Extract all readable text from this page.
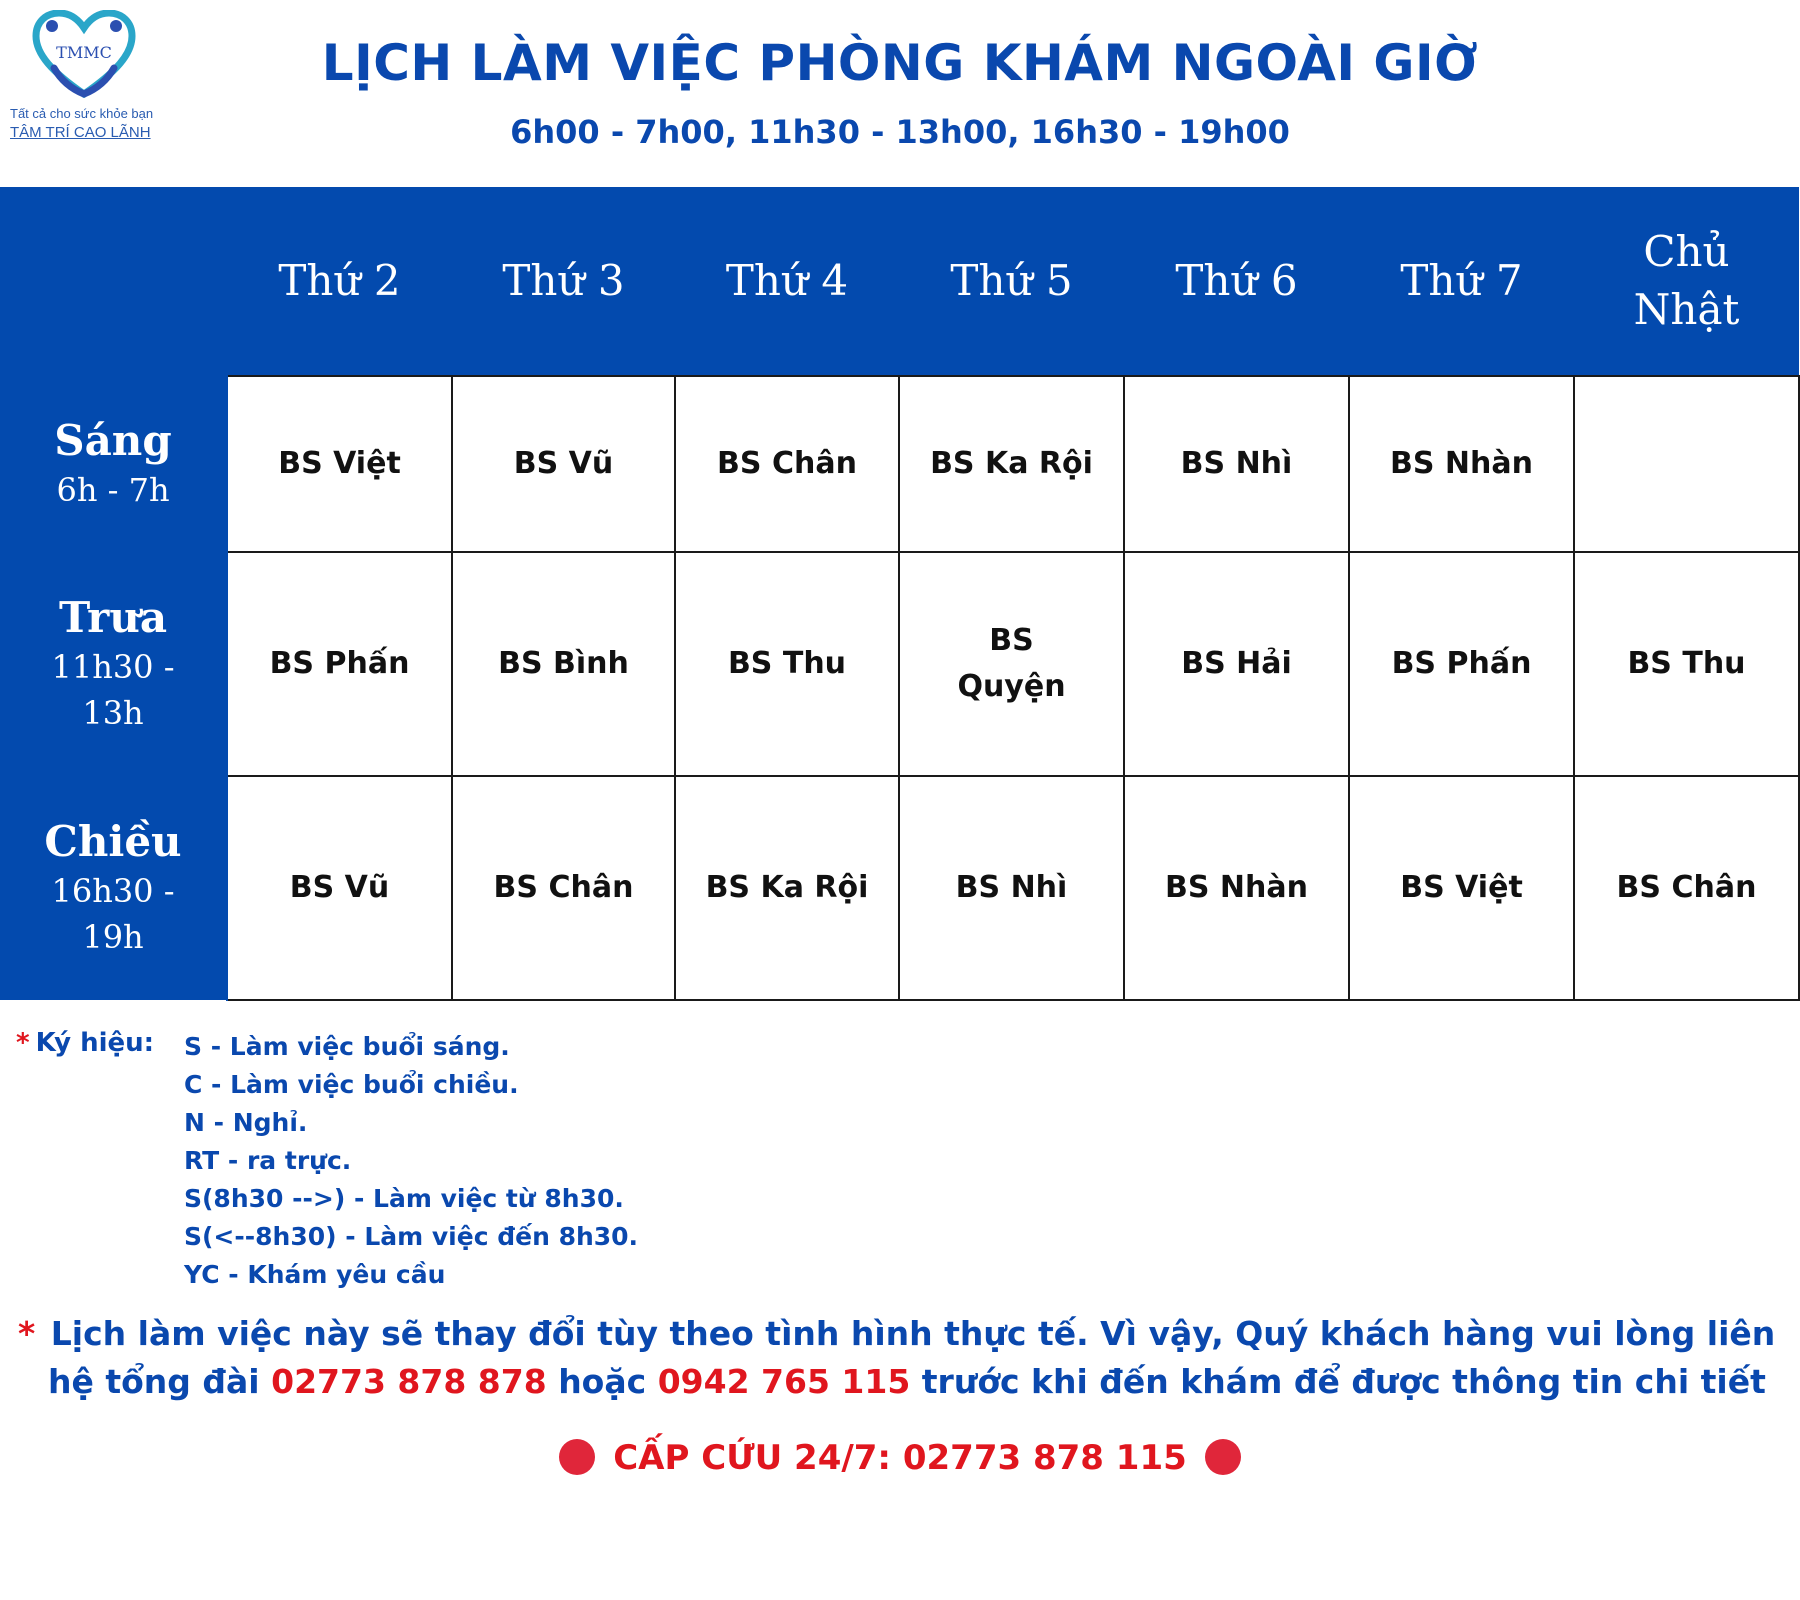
TMMC
Tất cả cho sức khỏe bạn
TÂM TRÍ CAO LÃNH
LỊCH LÀM VIỆC PHÒNG KHÁM NGOÀI GIỜ
6h00 - 7h00, 11h30 - 13h00, 16h30 - 19h00
	Thứ 2	Thứ 3	Thứ 4	Thứ 5	Thứ 6	Thứ 7	Chủ Nhật

Sáng
6h - 7h	BS Việt	BS Vũ	BS Chân	BS Ka Rội	BS Nhì	BS Nhàn	

Trưa
11h30 - 13h	BS Phấn	BS Bình	BS Thu	BS Quyện	BS Hải	BS Phấn	BS Thu

Chiều
16h30 - 19h	BS Vũ	BS Chân	BS Ka Rội	BS Nhì	BS Nhàn	BS Việt	BS Chân
* Ký hiệu: S - Làm việc buổi sáng.
C - Làm việc buổi chiều.
N - Nghỉ.
RT - ra trực.
S(8h30 -->) - Làm việc từ 8h30.
S(<--8h30) - Làm việc đến 8h30.
YC - Khám yêu cầu
* Lịch làm việc này sẽ thay đổi tùy theo tình hình thực tế. Vì vậy, Quý khách hàng vui lòng liên
hệ tổng đài 02773 878 878 hoặc 0942 765 115 trước khi đến khám để được thông tin chi tiết
CẤP CỨU 24/7: 02773 878 115
